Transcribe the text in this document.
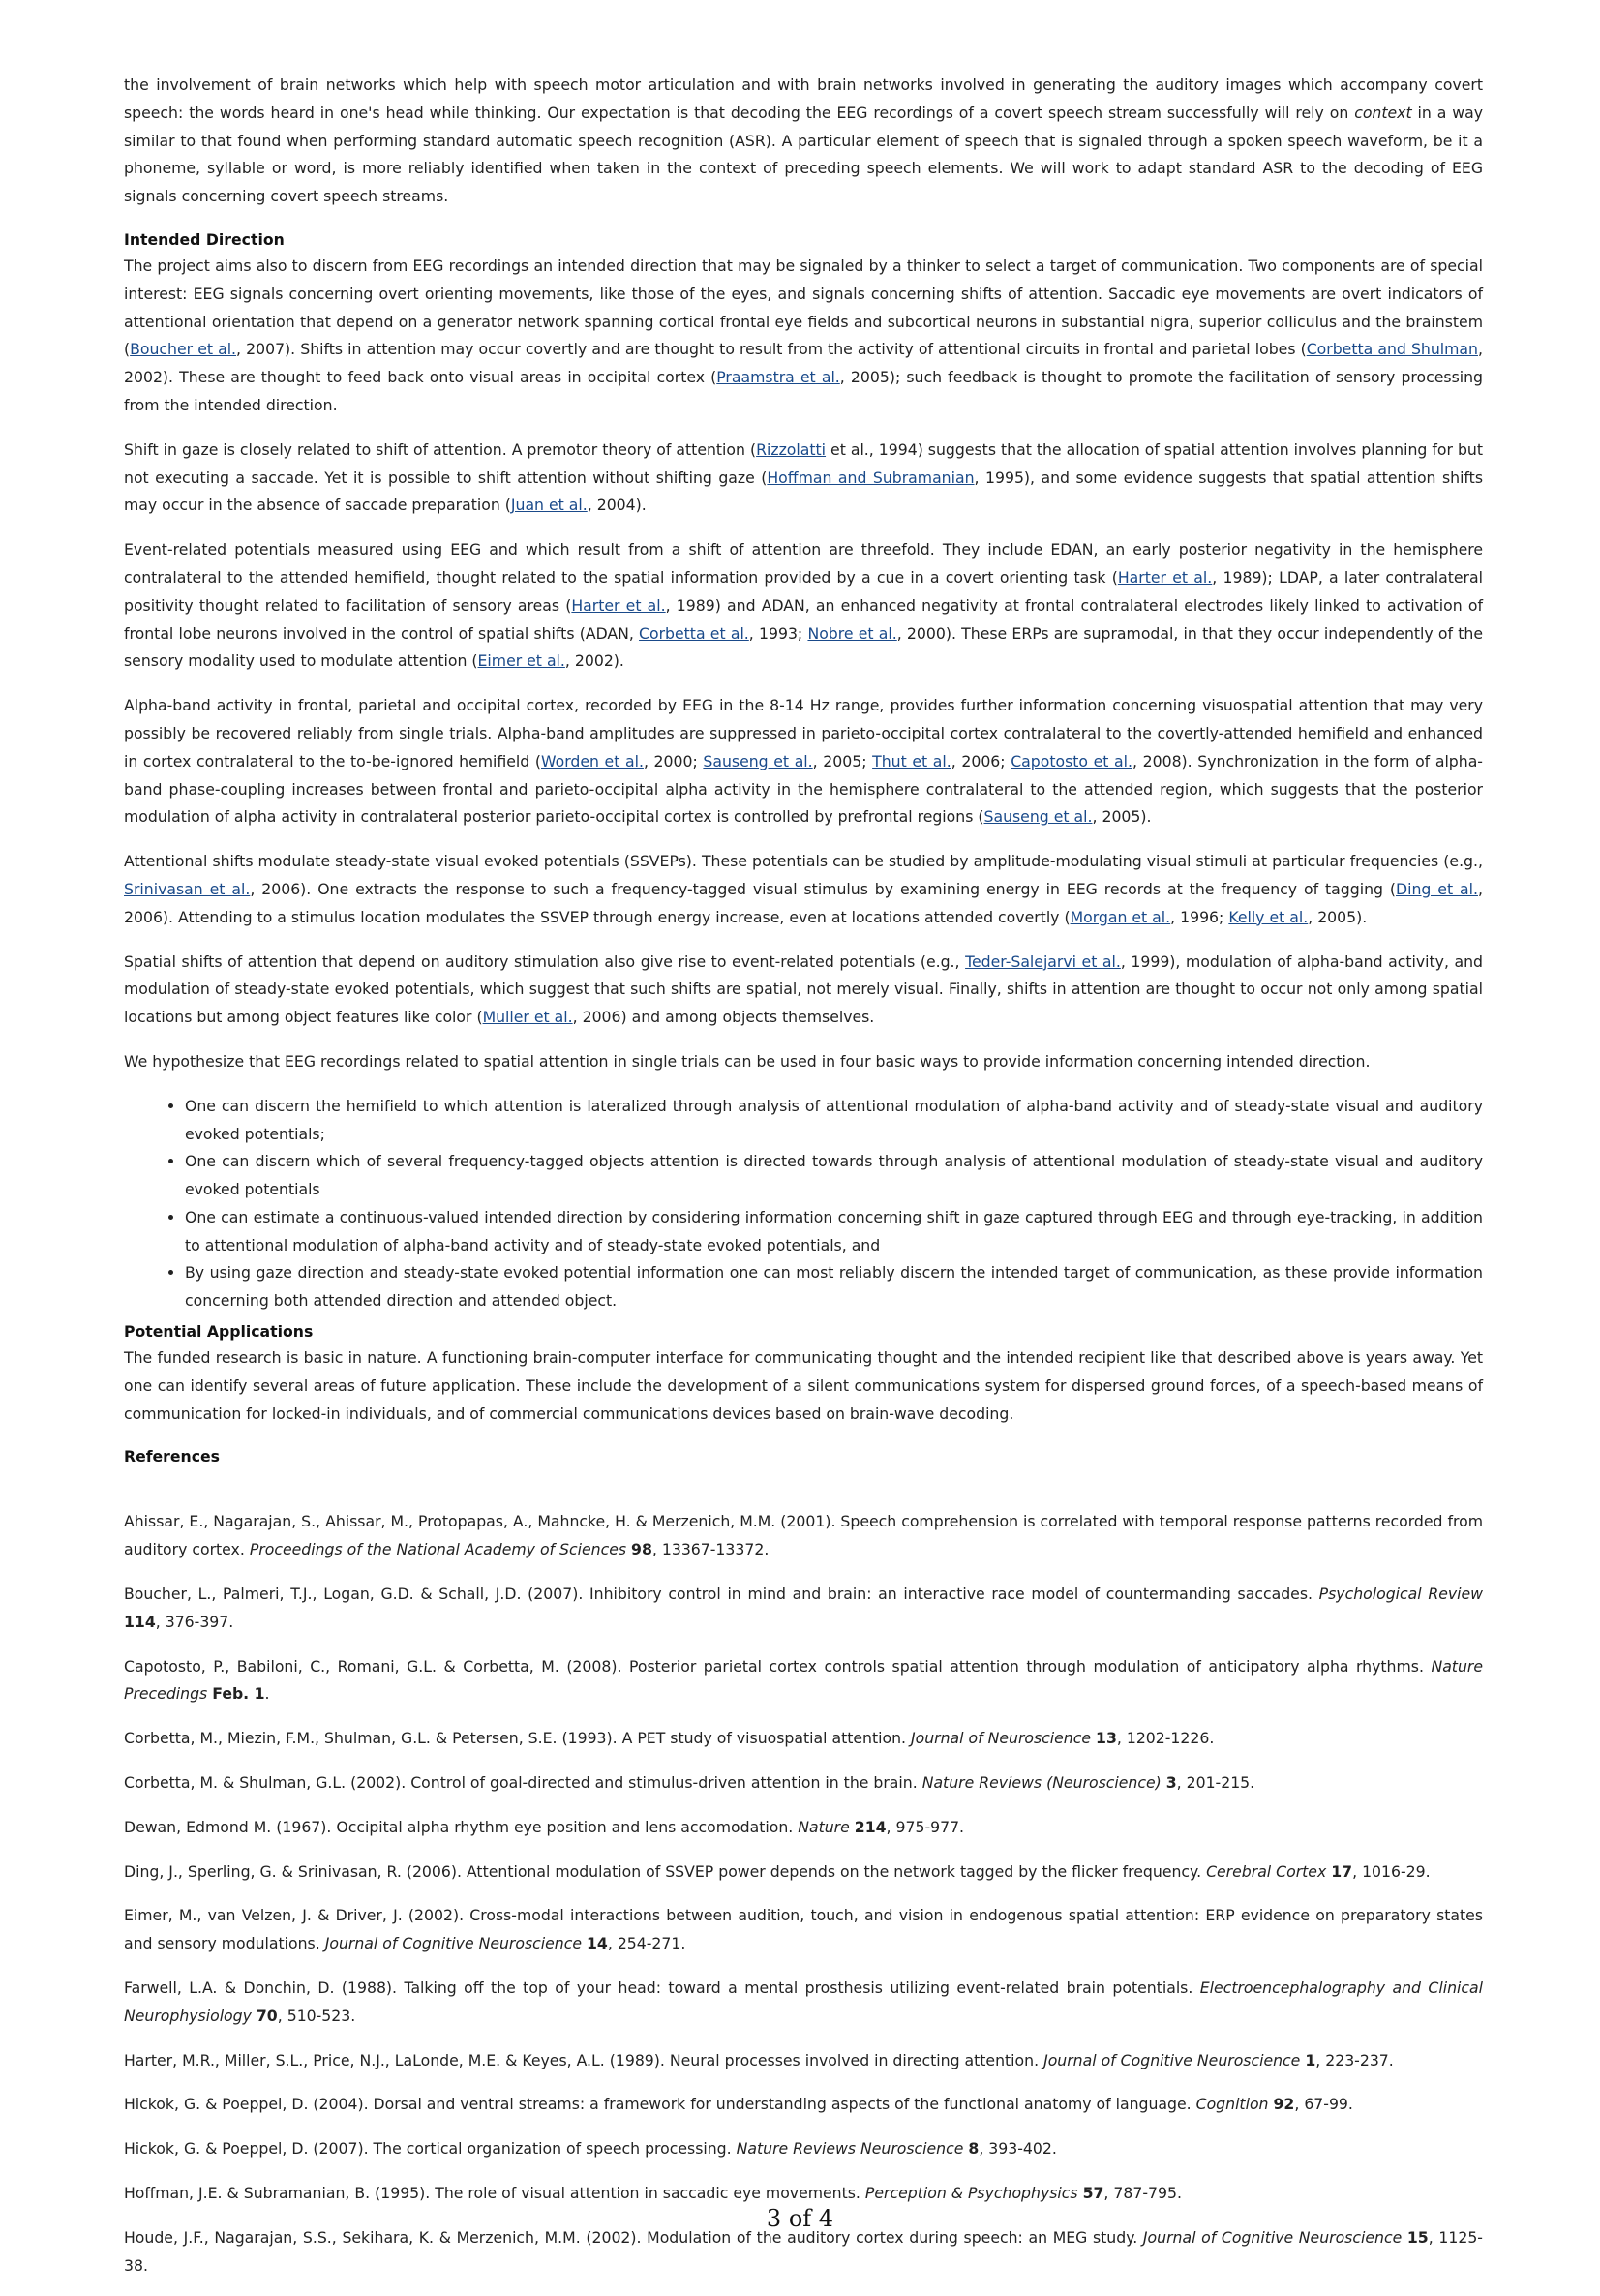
the involvement of brain networks which help with speech motor articulation and with brain networks involved in generating the auditory images which accompany covert speech: the words heard in one's head while thinking. Our expectation is that decoding the EEG recordings of a covert speech stream successfully will rely on context in a way similar to that found when performing standard automatic speech recognition (ASR). A particular element of speech that is signaled through a spoken speech waveform, be it a phoneme, syllable or word, is more reliably identified when taken in the context of preceding speech elements. We will work to adapt standard ASR to the decoding of EEG signals concerning covert speech streams.

Intended Direction

The project aims also to discern from EEG recordings an intended direction that may be signaled by a thinker to select a target of communication. Two components are of special interest: EEG signals concerning overt orienting movements, like those of the eyes, and signals concerning shifts of attention. Saccadic eye movements are overt indicators of attentional orientation that depend on a generator network spanning cortical frontal eye fields and subcortical neurons in substantial nigra, superior colliculus and the brainstem (Boucher et al., 2007). Shifts in attention may occur covertly and are thought to result from the activity of attentional circuits in frontal and parietal lobes (Corbetta and Shulman, 2002). These are thought to feed back onto visual areas in occipital cortex (Praamstra et al., 2005); such feedback is thought to promote the facilitation of sensory processing from the intended direction.

Shift in gaze is closely related to shift of attention. A premotor theory of attention (Rizzolatti et al., 1994) suggests that the allocation of spatial attention involves planning for but not executing a saccade. Yet it is possible to shift attention without shifting gaze (Hoffman and Subramanian, 1995), and some evidence suggests that spatial attention shifts may occur in the absence of saccade preparation (Juan et al., 2004).

Event-related potentials measured using EEG and which result from a shift of attention are threefold. They include EDAN, an early posterior negativity in the hemisphere contralateral to the attended hemifield, thought related to the spatial information provided by a cue in a covert orienting task (Harter et al., 1989); LDAP, a later contralateral positivity thought related to facilitation of sensory areas (Harter et al., 1989) and ADAN, an enhanced negativity at frontal contralateral electrodes likely linked to activation of frontal lobe neurons involved in the control of spatial shifts (ADAN, Corbetta et al., 1993; Nobre et al., 2000). These ERPs are supramodal, in that they occur independently of the sensory modality used to modulate attention (Eimer et al., 2002).

Alpha-band activity in frontal, parietal and occipital cortex, recorded by EEG in the 8-14 Hz range, provides further information concerning visuospatial attention that may very possibly be recovered reliably from single trials. Alpha-band amplitudes are suppressed in parieto-occipital cortex contralateral to the covertly-attended hemifield and enhanced in cortex contralateral to the to-be-ignored hemifield (Worden et al., 2000; Sauseng et al., 2005; Thut et al., 2006; Capotosto et al., 2008). Synchronization in the form of alpha-band phase-coupling increases between frontal and parieto-occipital alpha activity in the hemisphere contralateral to the attended region, which suggests that the posterior modulation of alpha activity in contralateral posterior parieto-occipital cortex is controlled by prefrontal regions (Sauseng et al., 2005).

Attentional shifts modulate steady-state visual evoked potentials (SSVEPs). These potentials can be studied by amplitude-modulating visual stimuli at particular frequencies (e.g., Srinivasan et al., 2006). One extracts the response to such a frequency-tagged visual stimulus by examining energy in EEG records at the frequency of tagging (Ding et al., 2006). Attending to a stimulus location modulates the SSVEP through energy increase, even at locations attended covertly (Morgan et al., 1996; Kelly et al., 2005).

Spatial shifts of attention that depend on auditory stimulation also give rise to event-related potentials (e.g., Teder-Salejarvi et al., 1999), modulation of alpha-band activity, and modulation of steady-state evoked potentials, which suggest that such shifts are spatial, not merely visual. Finally, shifts in attention are thought to occur not only among spatial locations but among object features like color (Muller et al., 2006) and among objects themselves.

We hypothesize that EEG recordings related to spatial attention in single trials can be used in four basic ways to provide information concerning intended direction.

• One can discern the hemifield to which attention is lateralized through analysis of attentional modulation of alpha-band activity and of steady-state visual and auditory evoked potentials;
• One can discern which of several frequency-tagged objects attention is directed towards through analysis of attentional modulation of steady-state visual and auditory evoked potentials
• One can estimate a continuous-valued intended direction by considering information concerning shift in gaze captured through EEG and through eye-tracking, in addition to attentional modulation of alpha-band activity and of steady-state evoked potentials, and
• By using gaze direction and steady-state evoked potential information one can most reliably discern the intended target of communication, as these provide information concerning both attended direction and attended object.
Potential Applications

The funded research is basic in nature. A functioning brain-computer interface for communicating thought and the intended recipient like that described above is years away. Yet one can identify several areas of future application. These include the development of a silent communications system for dispersed ground forces, of a speech-based means of communication for locked-in individuals, and of commercial communications devices based on brain-wave decoding.

References

Ahissar, E., Nagarajan, S., Ahissar, M., Protopapas, A., Mahncke, H. & Merzenich, M.M. (2001). Speech comprehension is correlated with temporal response patterns recorded from auditory cortex. Proceedings of the National Academy of Sciences 98, 13367-13372.

Boucher, L., Palmeri, T.J., Logan, G.D. & Schall, J.D. (2007). Inhibitory control in mind and brain: an interactive race model of countermanding saccades. Psychological Review 114, 376-397.

Capotosto, P., Babiloni, C., Romani, G.L. & Corbetta, M. (2008). Posterior parietal cortex controls spatial attention through modulation of anticipatory alpha rhythms. Nature Precedings Feb. 1.

Corbetta, M., Miezin, F.M., Shulman, G.L. & Petersen, S.E. (1993). A PET study of visuospatial attention. Journal of Neuroscience 13, 1202-1226.

Corbetta, M. & Shulman, G.L. (2002). Control of goal-directed and stimulus-driven attention in the brain. Nature Reviews (Neuroscience) 3, 201-215.

Dewan, Edmond M. (1967). Occipital alpha rhythm eye position and lens accomodation. Nature 214, 975-977.

Ding, J., Sperling, G. & Srinivasan, R. (2006). Attentional modulation of SSVEP power depends on the network tagged by the flicker frequency. Cerebral Cortex 17, 1016-29.

Eimer, M., van Velzen, J. & Driver, J. (2002). Cross-modal interactions between audition, touch, and vision in endogenous spatial attention: ERP evidence on preparatory states and sensory modulations. Journal of Cognitive Neuroscience 14, 254-271.

Farwell, L.A. & Donchin, D. (1988). Talking off the top of your head: toward a mental prosthesis utilizing event-related brain potentials. Electroencephalography and Clinical Neurophysiology 70, 510-523.

Harter, M.R., Miller, S.L., Price, N.J., LaLonde, M.E. & Keyes, A.L. (1989). Neural processes involved in directing attention. Journal of Cognitive Neuroscience 1, 223-237.

Hickok, G. & Poeppel, D. (2004). Dorsal and ventral streams: a framework for understanding aspects of the functional anatomy of language. Cognition 92, 67-99.

Hickok, G. & Poeppel, D. (2007). The cortical organization of speech processing. Nature Reviews Neuroscience 8, 393-402.

Hoffman, J.E. & Subramanian, B. (1995). The role of visual attention in saccadic eye movements. Perception & Psychophysics 57, 787-795.

Houde, J.F., Nagarajan, S.S., Sekihara, K. & Merzenich, M.M. (2002). Modulation of the auditory cortex during speech: an MEG study. Journal of Cognitive Neuroscience 15, 1125-38.

3 of 4
